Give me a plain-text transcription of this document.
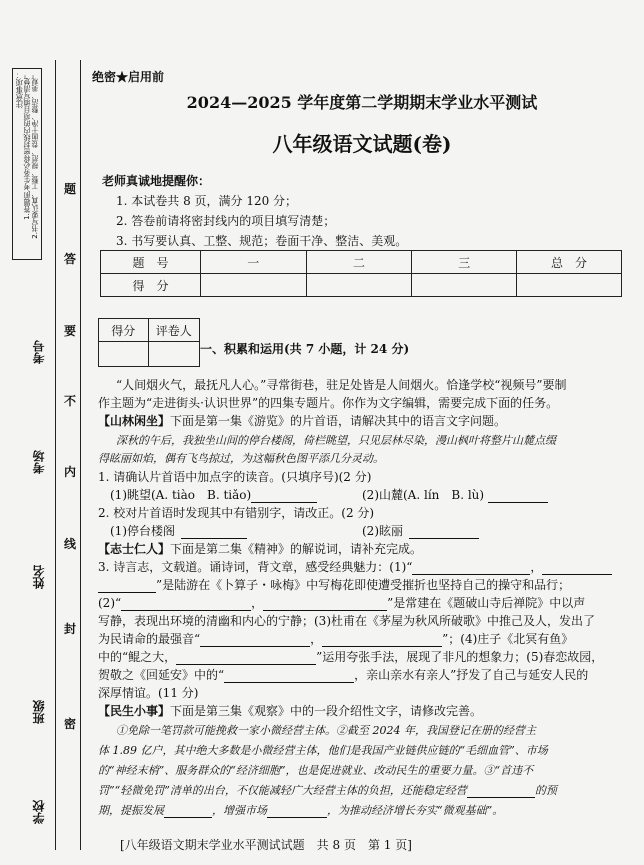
注意事项： 1.答题前,考生务必将密封线内的项目填写清楚。 2.书写要认真、工整、规范、卷面干净、整洁、美观。
学校
班级
姓名
考场
考号
密
封
线
内
不
要
答
题
绝密★启用前
2024—2025 学年度第二学期期末学业水平测试
八年级语文试题(卷)
老师真诚地提醒你：
1. 本试卷共 8 页，满分 120 分；
2. 答卷前请将密封线内的项目填写清楚；
3. 书写要认真、工整、规范；卷面干净、整洁、美观。
题　号	一	二	三	总　分
得　分				
得分	评卷人

一、积累和运用(共 7 小题，计 24 分)
“人间烟火气，最抚凡人心。”寻常街巷，驻足处皆是人间烟火。恰逢学校“视频号”要制
作主题为“走进街头·认识世界”的四集专题片。你作为文字编辑，需要完成下面的任务。
【山林闲坐】下面是第一集《游览》的片首语，请解决其中的语言文字问题。
深秋的午后，我独坐山间的停台楼阁，倚栏眺望，只见层林尽染，漫山枫叶将整片山麓点缀
得眩丽如焰，偶有飞鸟掠过，为这幅秋色图平添几分灵动。
1. 请确认片首语中加点字的读音。(只填序号)(2 分)
(1)眺望(A. tiào　B. tiǎo)	(2)山麓(A. lín　B. lù)
2. 校对片首语时发现其中有错别字，请改正。(2 分)
(1)停台楼阁	(2)眩丽
【志士仁人】下面是第二集《精神》的解说词，请补充完成。
3. 诗言志，文载道。诵诗词，背文章，感受经典魅力：(1)“	，
”是陆游在《卜算子・咏梅》中写梅花即使遭受摧折也坚持自己的操守和品行；
(2)“	，	”是常建在《题破山寺后禅院》中以声
写静，表现出环境的清幽和内心的宁静；(3)杜甫在《茅屋为秋风所破歌》中推己及人，发出了
为民请命的最强音“	，	”；(4)庄子《北冥有鱼》
中的“鲲之大，	”运用夸张手法，展现了非凡的想象力；(5)春恋故园，
贺敬之《回延安》中的“	，亲山亲水有亲人”抒发了自己与延安人民的
深厚情谊。(11 分)
【民生小事】下面是第三集《观察》中的一段介绍性文字，请修改完善。
①免除一笔罚款可能挽救一家小微经营主体。②截至 2024 年，我国登记在册的经营主
体 1.89 亿户，其中绝大多数是小微经营主体，他们是我国产业链供应链的“毛细血管”、市场
的“神经末梢”、服务群众的“经济细胞”，也是促进就业、改动民生的重要力量。③“首违不
罚”“轻微免罚”清单的出台，不仅能减轻广大经营主体的负担，还能稳定经营	的预
期，提振发展	，增强市场	，为推动经济增长夯实“微观基础”。
[八年级语文期末学业水平测试试题　共 8 页　第 1 页]
